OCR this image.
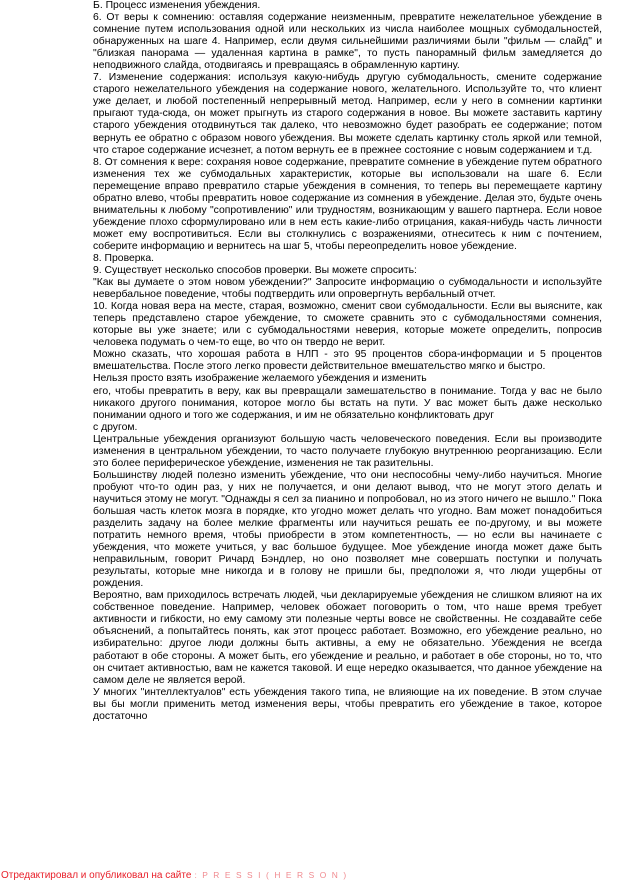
Б. Процесс изменения убеждения.

6. От веры к сомнению: оставляя содержание неизменным, превратите нежелательное убеждение в сомнение путем использования одной или нескольких из числа наиболее мощных субмодальностей, обнаруженных на шаге 4. Например, если двумя сильнейшими различиями были "фильм — слайд" и "близкая панорама — удаленная картина в рамке", то пусть панорамный фильм замедляется до неподвижного слайда, отодвигаясь и превращаясь в обрамленную картину.

7. Изменение содержания: используя какую-нибудь другую субмодальность, смените содержание старого нежелательного убеждения на содержание нового, желательного. Используйте то, что клиент уже делает, и любой постепенный непрерывный метод. Например, если у него в сомнении картинки прыгают туда-сюда, он может прыгнуть из старого содержания в новое. Вы можете заставить картину старого убеждения отодвинуться так далеко, что невозможно будет разобрать ее содержание; потом вернуть ее обратно с образом нового убеждения. Вы можете сделать картинку столь яркой или темной, что старое содержание исчезнет, а потом вернуть ее в прежнее состояние с новым содержанием и т.д.

8. От сомнения к вере: сохраняя новое содержание, превратите сомнение в убеждение путем обратного изменения тех же субмодальных характеристик, которые вы использовали на шаге 6. Если перемещение вправо превратило старые убеждения в сомнения, то теперь вы перемещаете картину обратно влево, чтобы превратить новое содержание из сомнения в убеждение. Делая это, будьте очень внимательны к любому "сопротивлению" или трудностям, возникающим у вашего партнера. Если новое убеждение плохо сформулировано или в нем есть какие-либо отрицания, какая-нибудь часть личности может ему воспротивиться. Если вы столкнулись с возражениями, отнеситесь к ним с почтением, соберите информацию и вернитесь на шаг 5, чтобы переопределить новое убеждение.

8. Проверка.

9. Существует несколько способов проверки. Вы можете спросить:

"Как вы думаете о этом новом убеждении?" Запросите информацию о субмодальности и используйте невербальное поведение, чтобы подтвердить или опровергнуть вербальный отчет.

10. Когда новая вера на месте, старая, возможно, сменит свои субмодальности. Если вы выясните, как теперь представлено старое убеждение, то сможете сравнить это с субмодальностями сомнения, которые вы уже знаете; или с субмодальностями неверия, которые можете определить, попросив человека подумать о чем-то еще, во что он твердо не верит.

Можно сказать, что хорошая работа в НЛП - это 95 процентов сбора-информации и 5 процентов вмешательства. После этого легко провести действительное вмешательство мягко и быстро.

Нельзя просто взять изображение желаемого убеждения и изменить

его, чтобы превратить в веру, как вы превращали замешательство в понимание. Тогда у вас не было никакого другого понимания, которое могло бы встать на пути. У вас может быть даже несколько понимании одного и того же содержания, и им не обязательно конфликтовать друг

с другом.

Центральные убеждения организуют большую часть человеческого поведения. Если вы производите изменения в центральном убеждении, то часто получаете глубокую внутреннюю реорганизацию. Если это более периферическое убеждение, изменения не так разительны.

Большинству людей полезно изменить убеждение, что они неспособны чему-либо научиться. Многие пробуют что-то один раз, у них не получается, и они делают вывод, что не могут этого делать и научиться этому не могут. "Однажды я сел за пианино и попробовал, но из этого ничего не вышло." Пока большая часть клеток мозга в порядке, кто угодно может делать что угодно. Вам может понадобиться разделить задачу на более мелкие фрагменты или научиться решать ее по-другому, и вы можете потратить немного время, чтобы приобрести в этом компетентность, — но если вы начинаете с убеждения, что можете учиться, у вас большое будущее. Мое убеждение иногда может даже быть неправильным, говорит Ричард Бэндлер, но оно позволяет мне совершать поступки и получать результаты, которые мне никогда и в голову не пришли бы, предположи я, что люди ущербны от рождения.

Вероятно, вам приходилось встречать людей, чьи декларируемые убеждения не слишком влияют на их собственное поведение. Например, человек обожает поговорить о том, что наше время требует активности и гибкости, но ему самому эти полезные черты вовсе не свойственны. Не создавайте себе объяснений, а попытайтесь понять, как этот процесс работает. Возможно, его убеждение реально, но избирательно: другое люди должны быть активны, а ему не обязательно. Убеждения не всегда работают в обе стороны. А может быть, его убеждение и реально, и работает в обе стороны, но то, что он считает активностью, вам не кажется таковой. И еще нередко оказывается, что данное убеждение на самом деле не является верой.

У многих "интеллектуалов" есть убеждения такого типа, не влияющие на их поведение. В этом случае вы бы могли применить метод изменения веры, чтобы превратить его убеждение в такое, которое достаточно

Отредактировал и опубликовал на сайте : P R E S S I ( H E R S O N )
